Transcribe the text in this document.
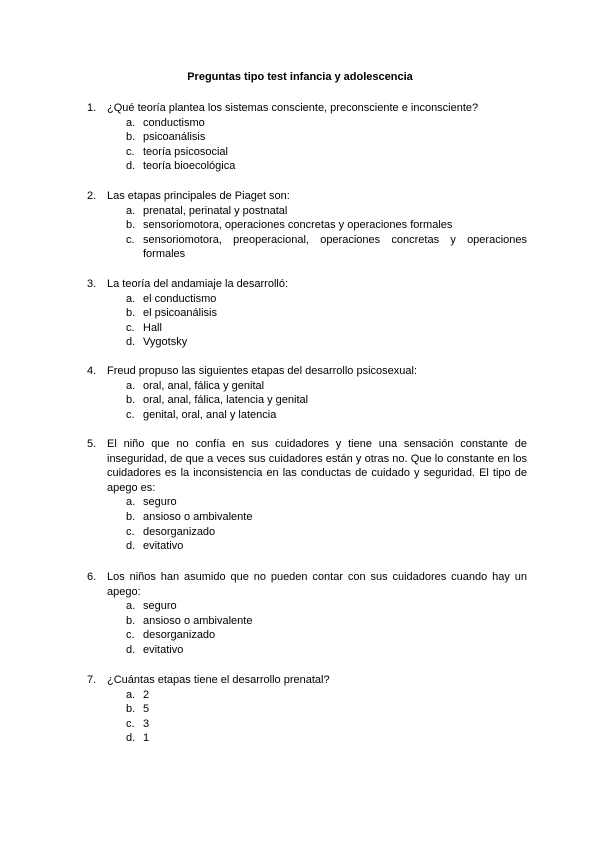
Preguntas tipo test infancia y adolescencia
1. ¿Qué teoría plantea los sistemas consciente, preconsciente e inconsciente?
a. conductismo
b. psicoanálisis
c. teoría psicosocial
d. teoría bioecológica
2. Las etapas principales de Piaget son:
a. prenatal, perinatal y postnatal
b. sensoriomotora, operaciones concretas y operaciones formales
c. sensoriomotora, preoperacional, operaciones concretas y operaciones formales
3. La teoría del andamiaje la desarrolló:
a. el conductismo
b. el psicoanálisis
c. Hall
d. Vygotsky
4. Freud propuso las siguientes etapas del desarrollo psicosexual:
a. oral, anal, fálica y genital
b. oral, anal, fálica, latencia y genital
c. genital, oral, anal y latencia
5. El niño que no confía en sus cuidadores y tiene una sensación constante de inseguridad, de que a veces sus cuidadores están y otras no. Que lo constante en los cuidadores es la inconsistencia en las conductas de cuidado y seguridad. El tipo de apego es:
a. seguro
b. ansioso o ambivalente
c. desorganizado
d. evitativo
6. Los niños han asumido que no pueden contar con sus cuidadores cuando hay un apego:
a. seguro
b. ansioso o ambivalente
c. desorganizado
d. evitativo
7. ¿Cuántas etapas tiene el desarrollo prenatal?
a. 2
b. 5
c. 3
d. 1
